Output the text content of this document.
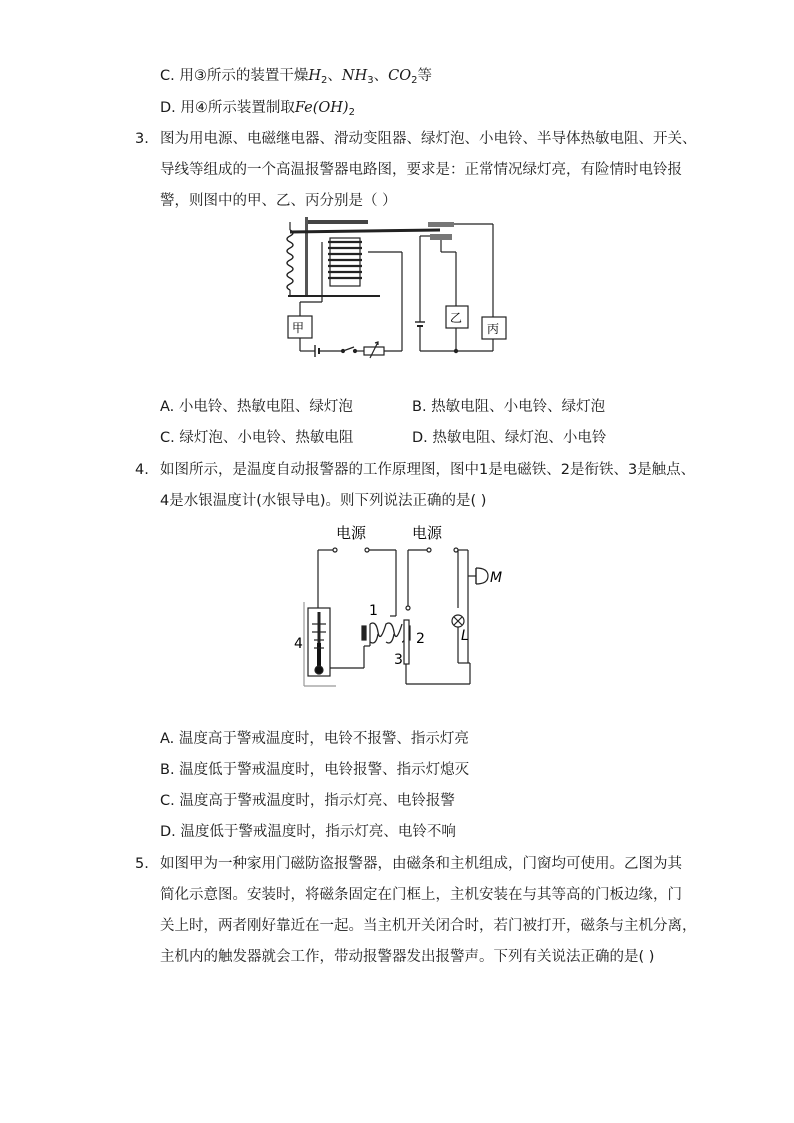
C. 用③所示的装置干燥$H_2$、$NH_3$、$CO_2$等
D. 用④所示装置制取$Fe(OH)_2$
3. 图为用电源、电磁继电器、滑动变阻器、绿灯泡、小电铃、半导体热敏电阻、开关、
导线等组成的一个高温报警器电路图，要求是：正常情况绿灯亮，有险情时电铃报
警，则图中的甲、乙、丙分别是（ ）
甲
乙
丙
A. 小电铃、热敏电阻、绿灯泡	B. 热敏电阻、小电铃、绿灯泡
C. 绿灯泡、小电铃、热敏电阻	D. 热敏电阻、绿灯泡、小电铃
4. 如图所示，是温度自动报警器的工作原理图，图中1是电磁铁、2是衔铁、3是触点、
4是水银温度计(水银导电)。则下列说法正确的是( )
电源	电源
1
2
3
4
M
L
A. 温度高于警戒温度时，电铃不报警、指示灯亮
B. 温度低于警戒温度时，电铃报警、指示灯熄灭
C. 温度高于警戒温度时，指示灯亮、电铃报警
D. 温度低于警戒温度时，指示灯亮、电铃不响
5. 如图甲为一种家用门磁防盗报警器，由磁条和主机组成，门窗均可使用。乙图为其
简化示意图。安装时，将磁条固定在门框上，主机安装在与其等高的门板边缘，门
关上时，两者刚好靠近在一起。当主机开关闭合时，若门被打开，磁条与主机分离，
主机内的触发器就会工作，带动报警器发出报警声。下列有关说法正确的是( )
